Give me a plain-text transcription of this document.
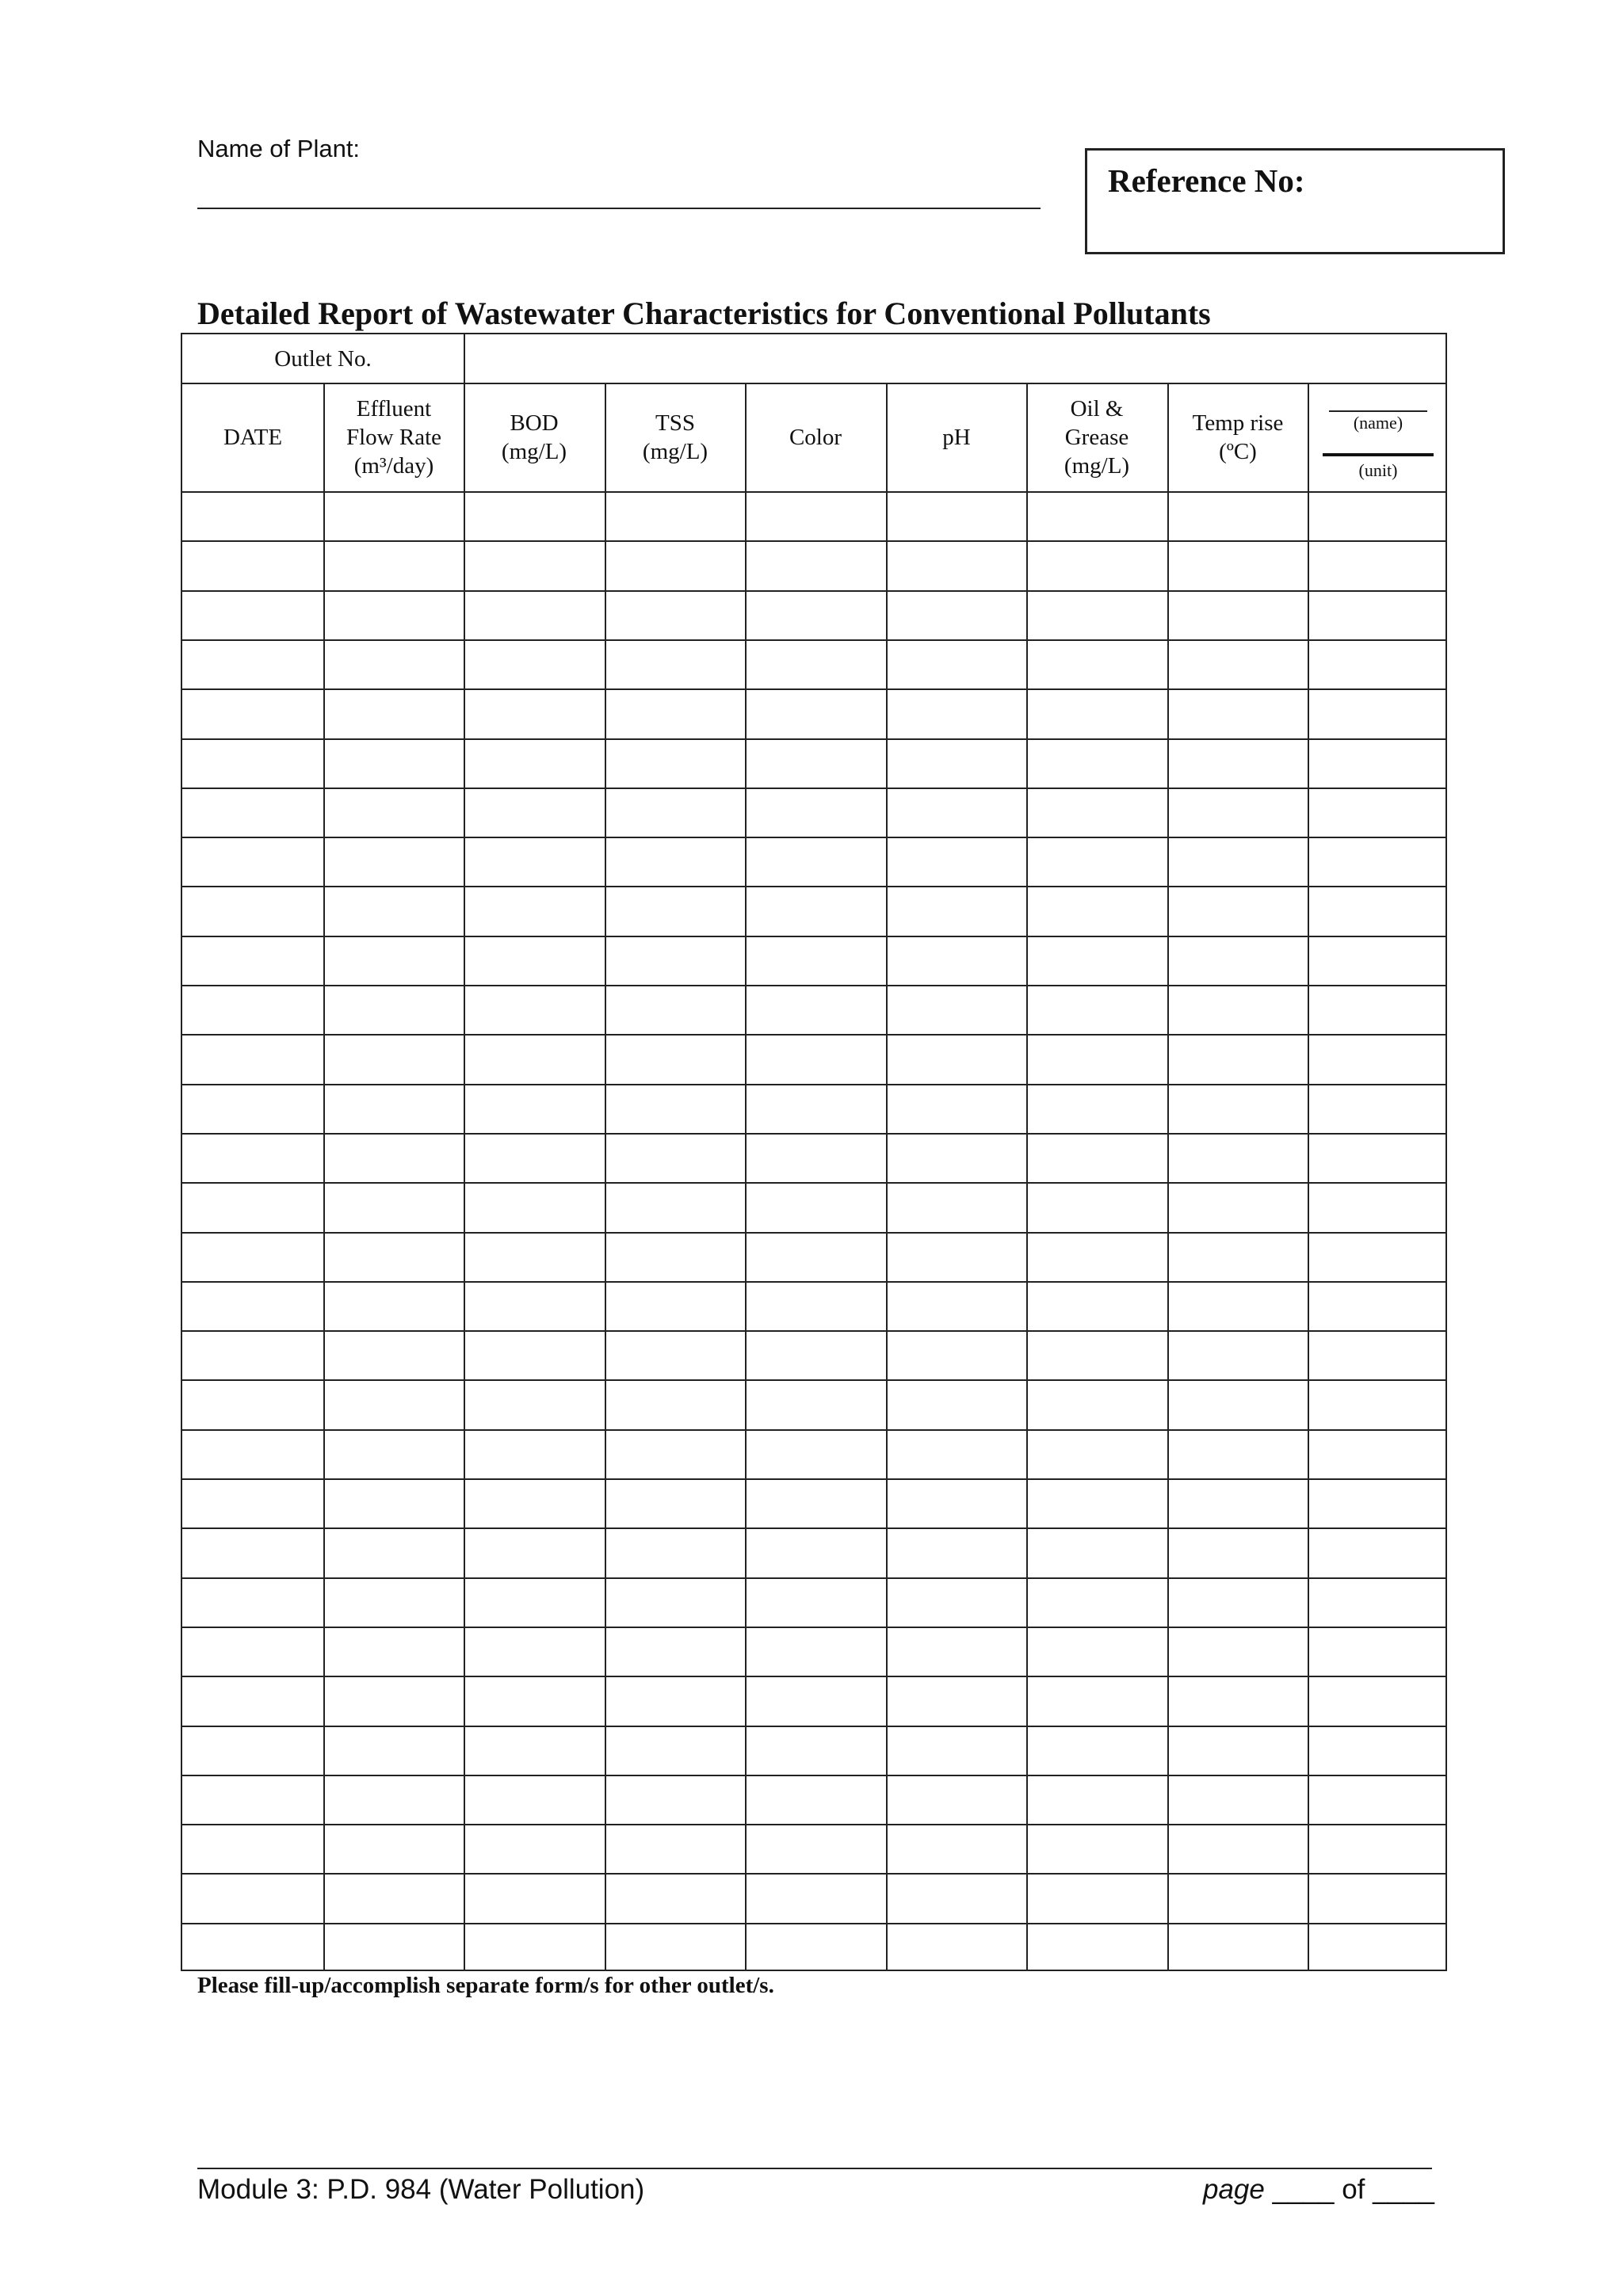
Name of Plant:
Reference No:
Detailed Report of Wastewater Characteristics for Conventional Pollutants
Outlet No.
DATE
Effluent
Flow Rate
(m³/day)
BOD
(mg/L)
TSS
(mg/L)
Color	pH
Oil &
Grease
(mg/L)
Temp rise
(ºC)
(name)
(unit)
Please fill-up/accomplish separate form/s for other outlet/s.
Module 3: P.D. 984 (Water Pollution)	page ____ of ____
